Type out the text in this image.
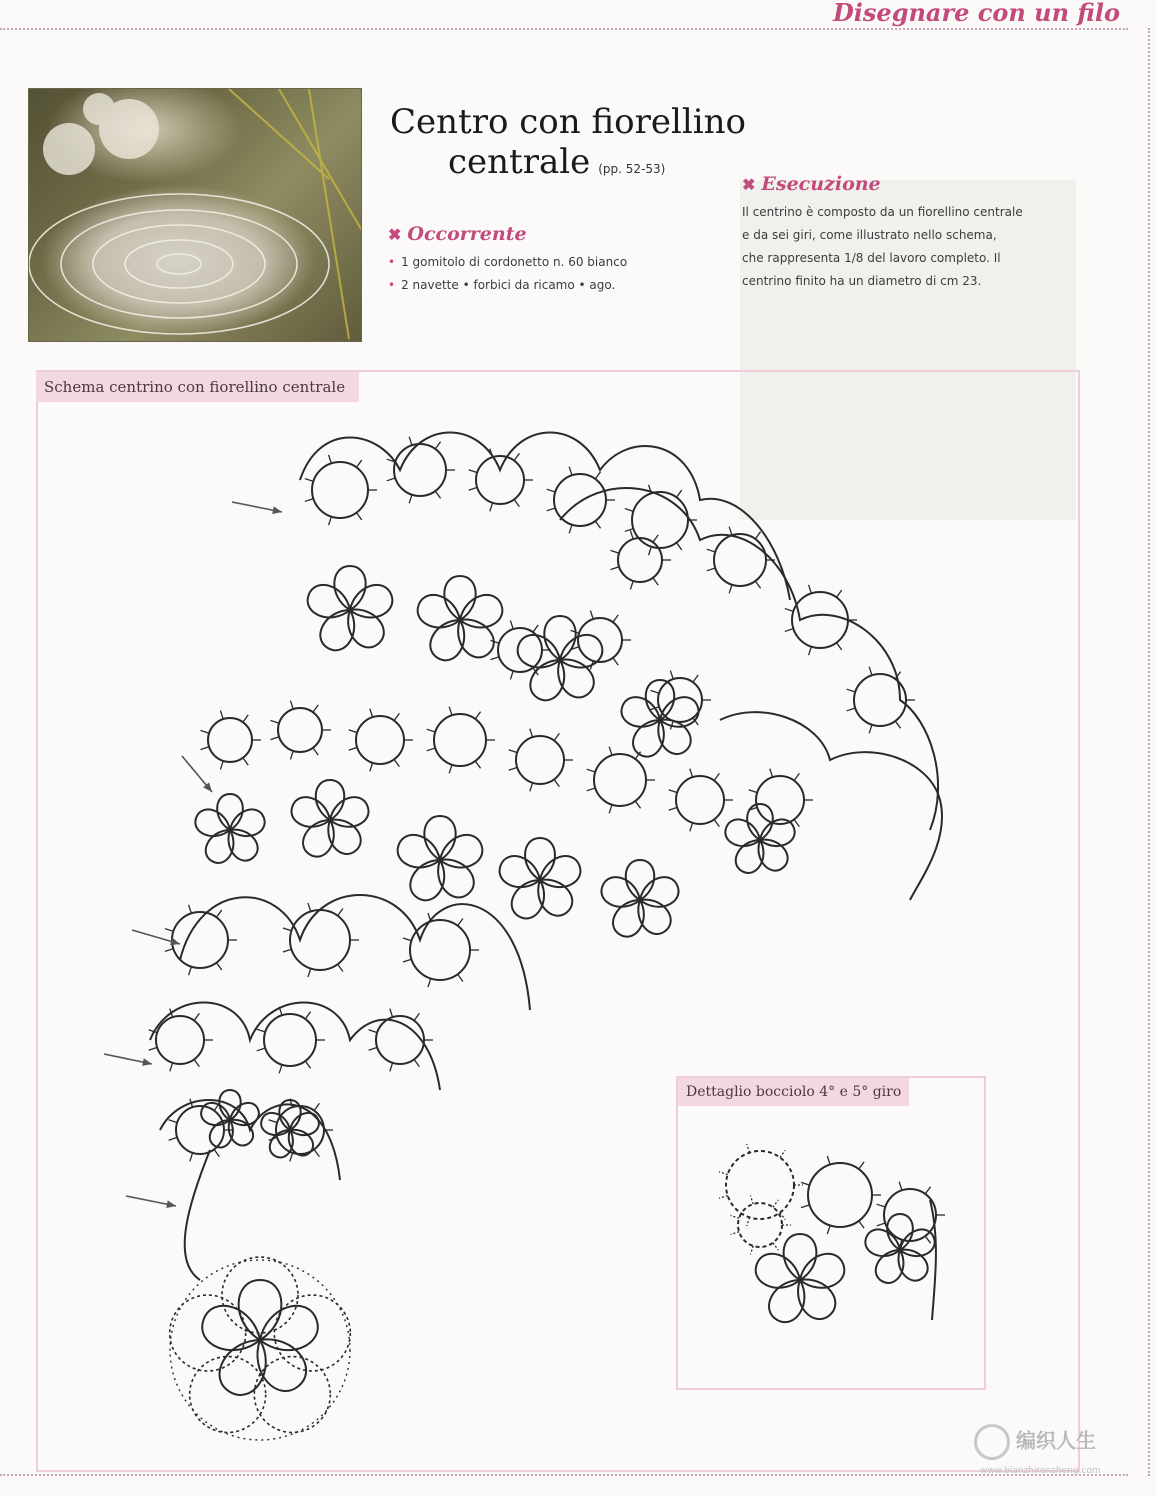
Disegnare con un filo
Centro con fiorellino
centrale (pp. 52-53)
✖ Occorrente
• 1 gomitolo di cordonetto n. 60 bianco
• 2 navette • forbici da ricamo • ago.
✖ Esecuzione

Il centrino è composto da un fiorellino centrale
e da sei giri, come illustrato nello schema,
che rappresenta 1/8 del lavoro completo. Il
centrino finito ha un diametro di cm 23.

Schema centrino con fiorellino centrale
Dettaglio bocciolo 4° e 5° giro
编织人生
www.bianzhirensheng.com
